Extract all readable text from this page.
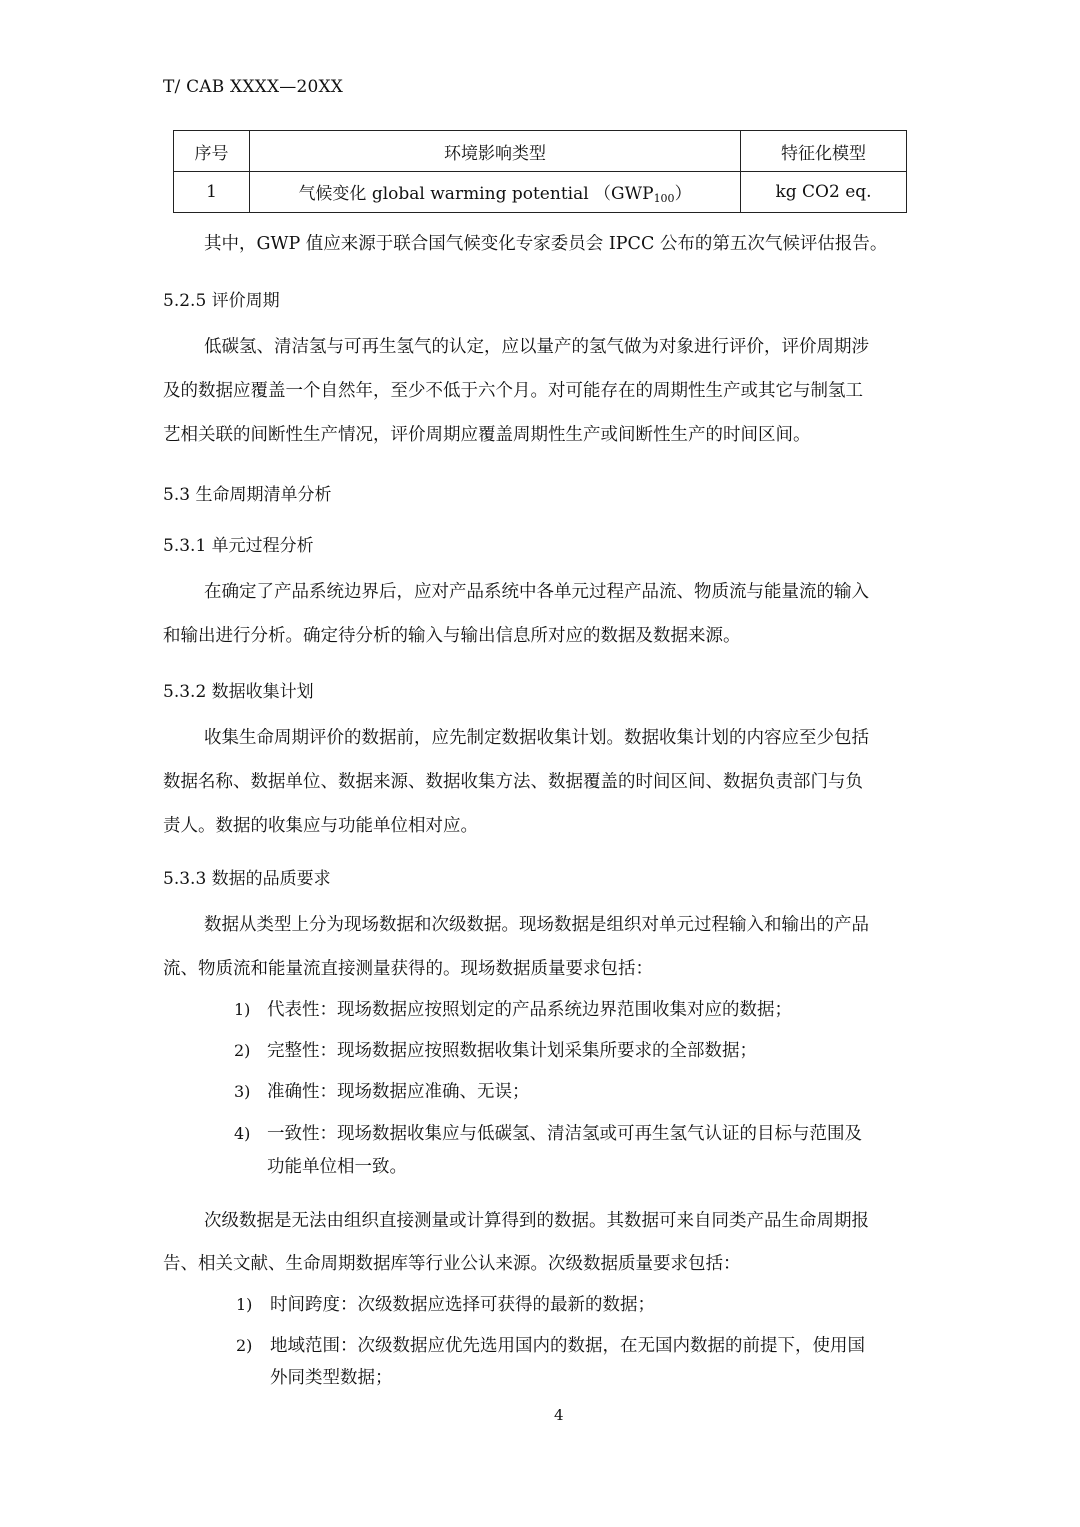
T/ CAB XXXX—20XX
序号	环境影响类型	特征化模型
1	气候变化 global warming potential $(GWP_{100})$	kg CO2 eq.
其中，GWP 值应来源于联合国气候变化专家委员会 IPCC 公布的第五次气候评估报告。
5.2.5 评价周期
低碳氢、清洁氢与可再生氢气的认定，应以量产的氢气做为对象进行评价，评价周期涉
及的数据应覆盖一个自然年，至少不低于六个月。对可能存在的周期性生产或其它与制氢工
艺相关联的间断性生产情况，评价周期应覆盖周期性生产或间断性生产的时间区间。
5.3 生命周期清单分析
5.3.1 单元过程分析
在确定了产品系统边界后，应对产品系统中各单元过程产品流、物质流与能量流的输入
和输出进行分析。确定待分析的输入与输出信息所对应的数据及数据来源。
5.3.2 数据收集计划
收集生命周期评价的数据前，应先制定数据收集计划。数据收集计划的内容应至少包括
数据名称、数据单位、数据来源、数据收集方法、数据覆盖的时间区间、数据负责部门与负
责人。数据的收集应与功能单位相对应。
5.3.3 数据的品质要求
数据从类型上分为现场数据和次级数据。现场数据是组织对单元过程输入和输出的产品
流、物质流和能量流直接测量获得的。现场数据质量要求包括：
1) 代表性：现场数据应按照划定的产品系统边界范围收集对应的数据；
2) 完整性：现场数据应按照数据收集计划采集所要求的全部数据；
3) 准确性：现场数据应准确、无误；
4) 一致性：现场数据收集应与低碳氢、清洁氢或可再生氢气认证的目标与范围及
功能单位相一致。
次级数据是无法由组织直接测量或计算得到的数据。其数据可来自同类产品生命周期报
告、相关文献、生命周期数据库等行业公认来源。次级数据质量要求包括：
1) 时间跨度：次级数据应选择可获得的最新的数据；
2) 地域范围：次级数据应优先选用国内的数据，在无国内数据的前提下，使用国
外同类型数据；
4
